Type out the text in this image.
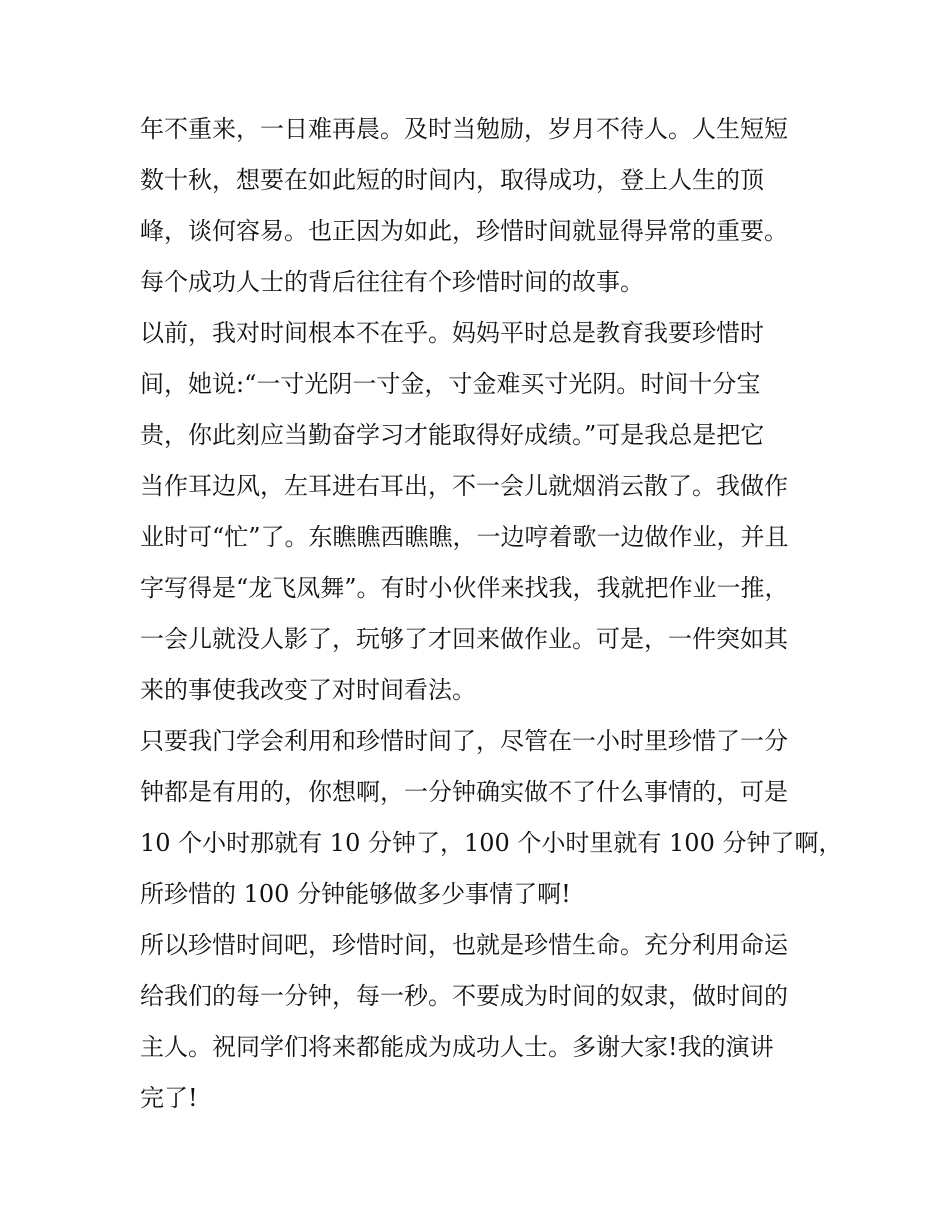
年不重来，一日难再晨。及时当勉励，岁月不待人。人生短短
数十秋，想要在如此短的时间内，取得成功，登上人生的顶
峰，谈何容易。也正因为如此，珍惜时间就显得异常的重要。
每个成功人士的背后往往有个珍惜时间的故事。
以前，我对时间根本不在乎。妈妈平时总是教育我要珍惜时
间，她说:“一寸光阴一寸金，寸金难买寸光阴。时间十分宝
贵，你此刻应当勤奋学习才能取得好成绩。”可是我总是把它
当作耳边风，左耳进右耳出，不一会儿就烟消云散了。我做作
业时可“忙”了。东瞧瞧西瞧瞧，一边哼着歌一边做作业，并且
字写得是“龙飞凤舞”。有时小伙伴来找我，我就把作业一推，
一会儿就没人影了，玩够了才回来做作业。可是，一件突如其
来的事使我改变了对时间看法。
只要我门学会利用和珍惜时间了，尽管在一小时里珍惜了一分
钟都是有用的，你想啊，一分钟确实做不了什么事情的，可是
10 个小时那就有 10 分钟了，100 个小时里就有 100 分钟了啊，
所珍惜的 100 分钟能够做多少事情了啊!
所以珍惜时间吧，珍惜时间，也就是珍惜生命。充分利用命运
给我们的每一分钟，每一秒。不要成为时间的奴隶，做时间的
主人。祝同学们将来都能成为成功人士。多谢大家!我的演讲
完了!
